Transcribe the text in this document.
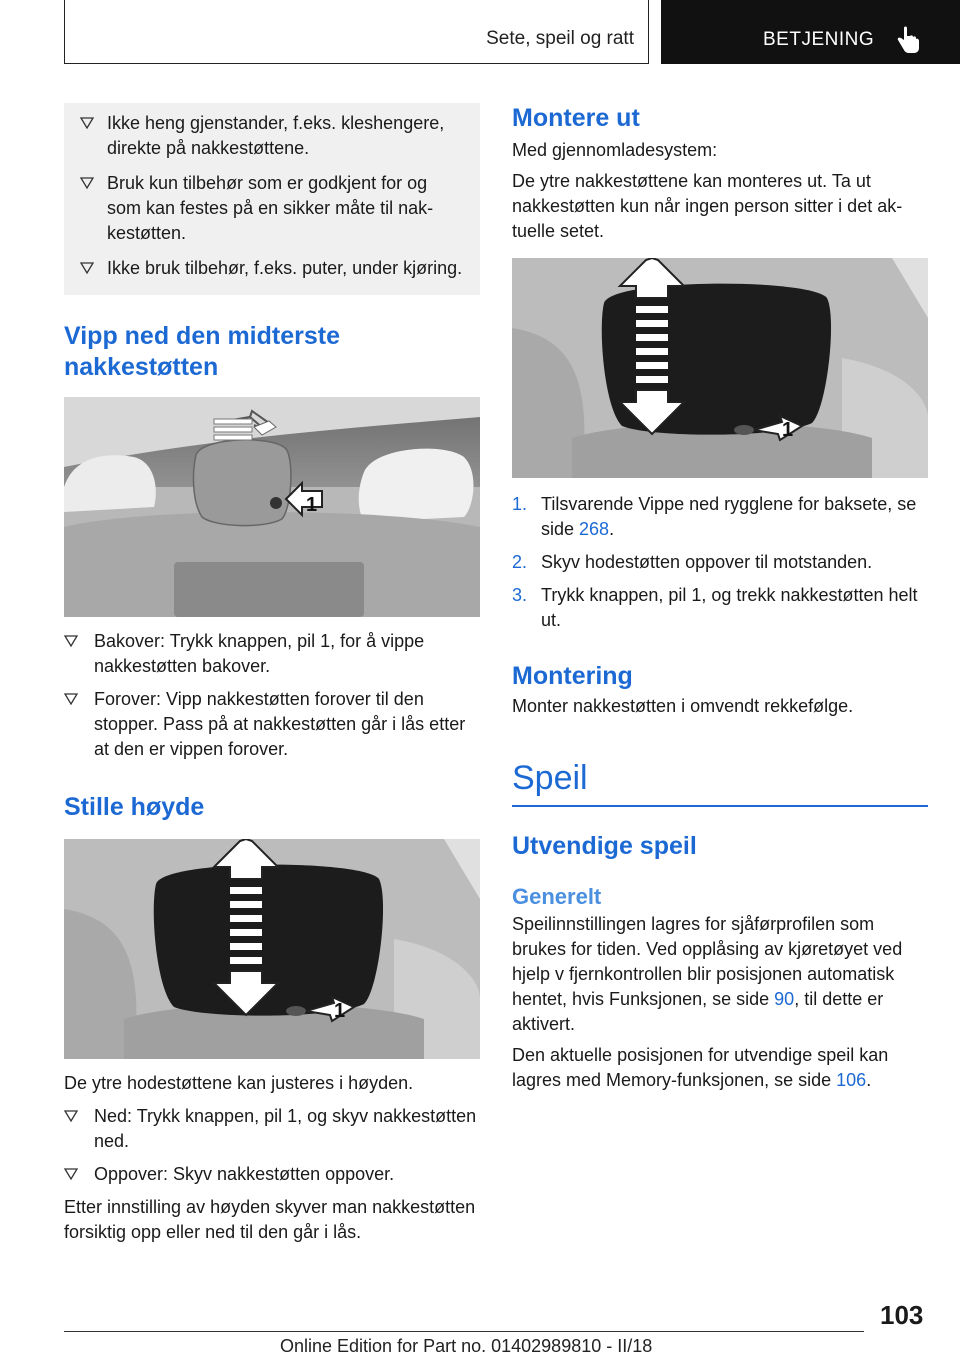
Sete, speil og ratt	BETJENING
Ikke heng gjenstander, f.eks. kleshengere, direkte på nakkestøttene.
Bruk kun tilbehør som er godkjent for og som kan festes på en sikker måte til nakkestøtten.
Ikke bruk tilbehør, f.eks. puter, under kjøring.
Vipp ned den midterste nakkestøtten
1
Bakover: Trykk knappen, pil 1, for å vippe nakkestøtten bakover.
Forover: Vipp nakkestøtten forover til den stopper. Pass på at nakkestøtten går i lås etter at den er vippen forover.
Stille høyde
1

De ytre hodestøttene kan justeres i høyden.

Ned: Trykk knappen, pil 1, og skyv nakkestøtten ned.
Oppover: Skyv nakkestøtten oppover.

Etter innstilling av høyden skyver man nakkestøtten forsiktig opp eller ned til den går i lås.

Montere ut

Med gjennomladesystem:

De ytre nakkestøttene kan monteres ut. Ta ut nakkestøtten kun når ingen person sitter i det aktuelle setet.

1
1. Tilsvarende Vippe ned rygglene for baksete, se side 268.
2. Skyv hodestøtten oppover til motstanden.
3. Trykk knappen, pil 1, og trekk nakkestøtten helt ut.
Montering

Monter nakkestøtten i omvendt rekkefølge.

Speil
Utvendige speil
Generelt

Speilinnstillingen lagres for sjåførprofilen som brukes for tiden. Ved opplåsing av kjøretøyet ved hjelp v fjernkontrollen blir posisjonen automatisk hentet, hvis Funksjonen, se side 90, til dette er aktivert.

Den aktuelle posisjonen for utvendige speil kan lagres med Memory-funksjonen, se side 106.

103
Online Edition for Part no. 01402989810 - II/18
